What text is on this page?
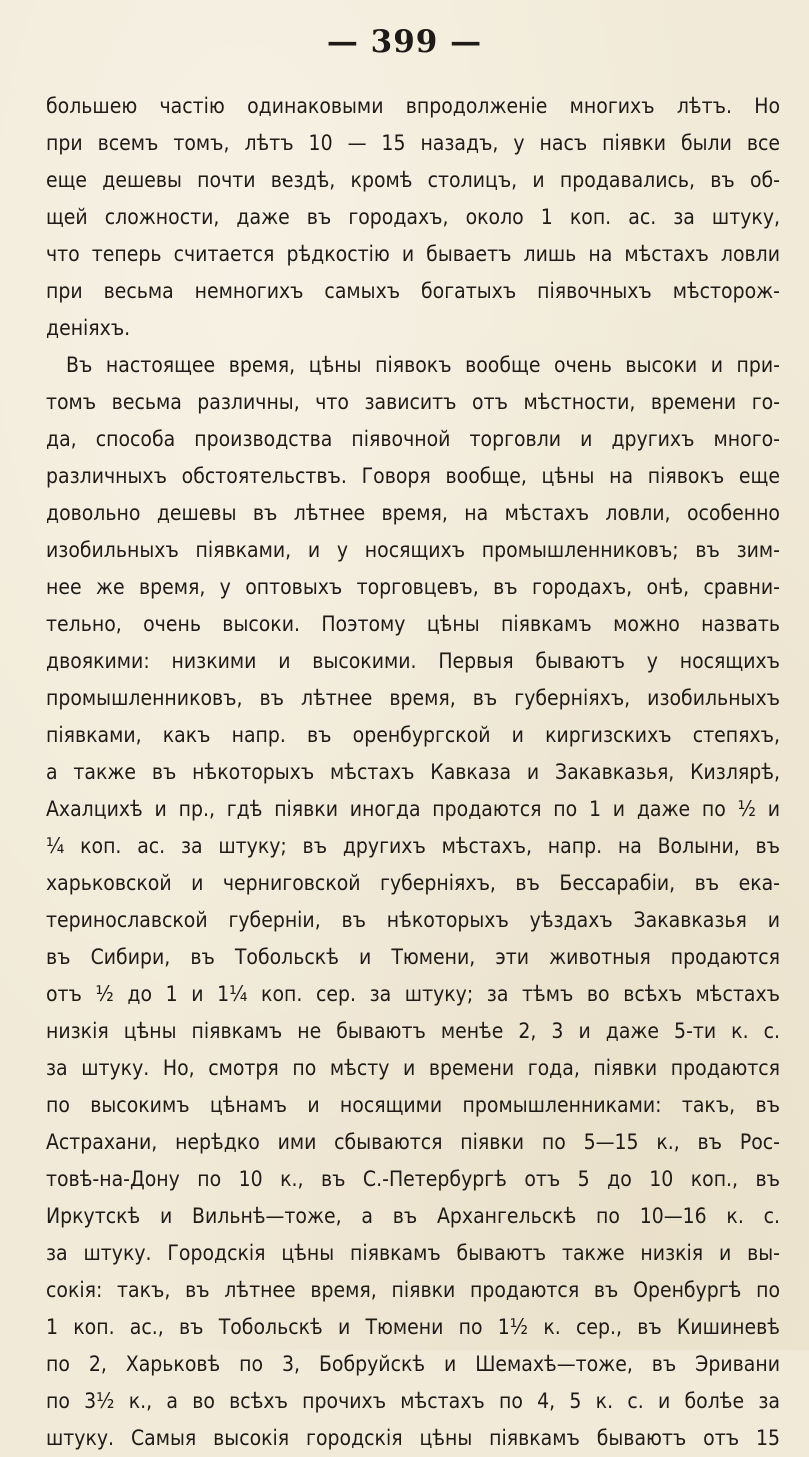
— 399 —
большею частію одинаковыми впродолженіе многихъ лѣтъ. Но
при всемъ томъ, лѣтъ 10 — 15 назадъ, у насъ піявки были все
еще дешевы почти вездѣ, кромѣ столицъ, и продавались, въ об-
щей сложности, даже въ городахъ, около 1 коп. ас. за штуку,
что теперь считается рѣдкостію и бываетъ лишь на мѣстахъ ловли
при весьма немногихъ самыхъ богатыхъ піявочныхъ мѣсторож-
деніяхъ.
Въ настоящее время, цѣны піявокъ вообще очень высоки и при-
томъ весьма различны, что зависитъ отъ мѣстности, времени го-
да, способа производства піявочной торговли и другихъ много-
различныхъ обстоятельствъ. Говоря вообще, цѣны на піявокъ еще
довольно дешевы въ лѣтнее время, на мѣстахъ ловли, особенно
изобильныхъ піявками, и у носящихъ промышленниковъ; въ зим-
нее же время, у оптовыхъ торговцевъ, въ городахъ, онѣ, сравни-
тельно, очень высоки. Поэтому цѣны піявкамъ можно назвать
двоякими: низкими и высокими. Первыя бываютъ у носящихъ
промышленниковъ, въ лѣтнее время, въ губерніяхъ, изобильныхъ
піявками, какъ напр. въ оренбургской и киргизскихъ степяхъ,
а также въ нѣкоторыхъ мѣстахъ Кавказа и Закавказья, Кизлярѣ,
Ахалцихѣ и пр., гдѣ піявки иногда продаются по 1 и даже по ½ и
¼ коп. ас. за штуку; въ другихъ мѣстахъ, напр. на Волыни, въ
харьковской и черниговской губерніяхъ, въ Бессарабіи, въ ека-
теринославской губерніи, въ нѣкоторыхъ уѣздахъ Закавказья и
въ Сибири, въ Тобольскѣ и Тюмени, эти животныя продаются
отъ ½ до 1 и 1¼ коп. сер. за штуку; за тѣмъ во всѣхъ мѣстахъ
низкія цѣны піявкамъ не бываютъ менѣе 2, 3 и даже 5-ти к. с.
за штуку. Но, смотря по мѣсту и времени года, піявки продаются
по высокимъ цѣнамъ и носящими промышленниками: такъ, въ
Астрахани, нерѣдко ими сбываются піявки по 5—15 к., въ Рос-
товѣ-на-Дону по 10 к., въ С.-Петербургѣ отъ 5 до 10 коп., въ
Иркутскѣ и Вильнѣ—тоже, а въ Архангельскѣ по 10—16 к. с.
за штуку. Городскія цѣны піявкамъ бываютъ также низкія и вы-
сокія: такъ, въ лѣтнее время, піявки продаются въ Оренбургѣ по
1 коп. ас., въ Тобольскѣ и Тюмени по 1½ к. сер., въ Кишиневѣ
по 2, Харьковѣ по 3, Бобруйскѣ и Шемахѣ—тоже, въ Эривани
по 3½ к., а во всѣхъ прочихъ мѣстахъ по 4, 5 к. с. и болѣе за
штуку. Самыя высокія городскія цѣны піявкамъ бываютъ отъ 15
